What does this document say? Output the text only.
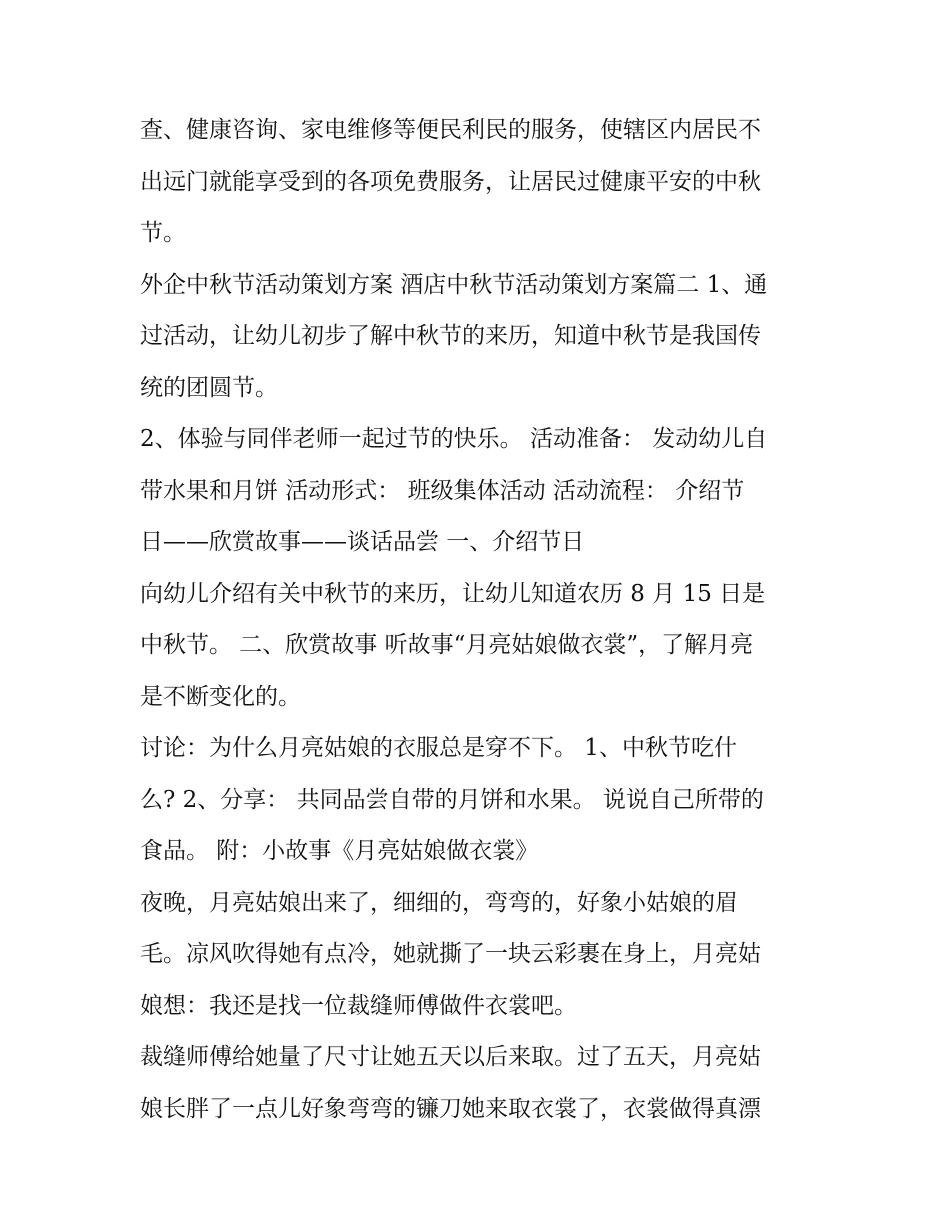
查、健康咨询、家电维修等便民利民的服务，使辖区内居民不
出远门就能享受到的各项免费服务，让居民过健康平安的中秋
节。
外企中秋节活动策划方案 酒店中秋节活动策划方案篇二 1、通
过活动，让幼儿初步了解中秋节的来历，知道中秋节是我国传
统的团圆节。
2、体验与同伴老师一起过节的快乐。 活动准备： 发动幼儿自
带水果和月饼 活动形式： 班级集体活动 活动流程： 介绍节
日——欣赏故事——谈话品尝 一、介绍节日
向幼儿介绍有关中秋节的来历，让幼儿知道农历 8 月 15 日是
中秋节。 二、欣赏故事 听故事“月亮姑娘做衣裳”，了解月亮
是不断变化的。
讨论：为什么月亮姑娘的衣服总是穿不下。 1、中秋节吃什
么? 2、分享： 共同品尝自带的月饼和水果。 说说自己所带的
食品。 附：小故事《月亮姑娘做衣裳》
夜晚，月亮姑娘出来了，细细的，弯弯的，好象小姑娘的眉
毛。凉风吹得她有点冷，她就撕了一块云彩裹在身上，月亮姑
娘想：我还是找一位裁缝师傅做件衣裳吧。
裁缝师傅给她量了尺寸让她五天以后来取。过了五天，月亮姑
娘长胖了一点儿好象弯弯的镰刀她来取衣裳了，衣裳做得真漂
